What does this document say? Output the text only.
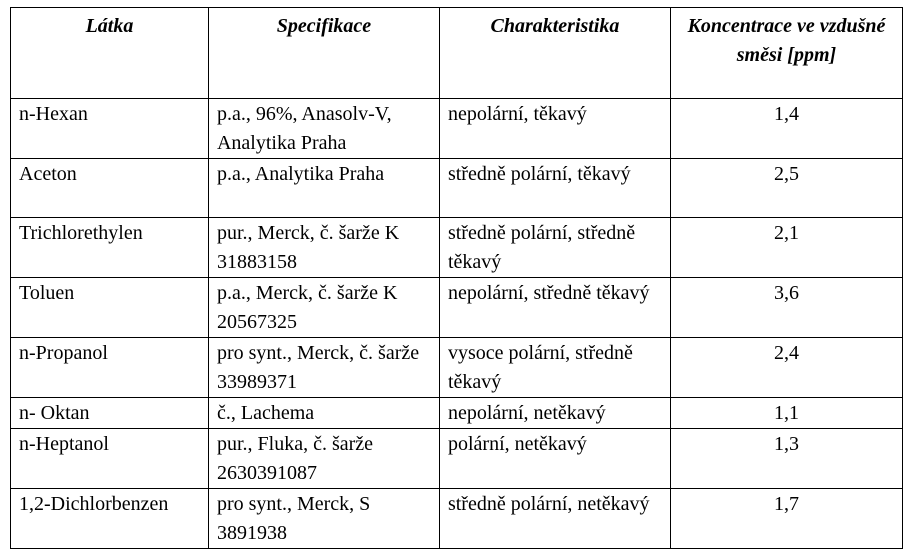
Látka	Specifikace	Charakteristika	Koncentrace ve vzdušné směsi [ppm]
n-Hexan	p.a., 96%, Anasolv-V, Analytika Praha	nepolární, těkavý	1,4
Aceton	p.a., Analytika Praha	středně polární, těkavý	2,5
Trichlorethylen	pur., Merck, č. šarže K 31883158	středně polární, středně těkavý	2,1
Toluen	p.a., Merck, č. šarže K 20567325	nepolární, středně těkavý	3,6
n-Propanol	pro synt., Merck, č. šarže 33989371	vysoce polární, středně těkavý	2,4
n- Oktan	č., Lachema	nepolární, netěkavý	1,1
n-Heptanol	pur., Fluka, č. šarže 2630391087	polární, netěkavý	1,3
1,2-Dichlorbenzen	pro synt., Merck, S 3891938	středně polární, netěkavý	1,7
